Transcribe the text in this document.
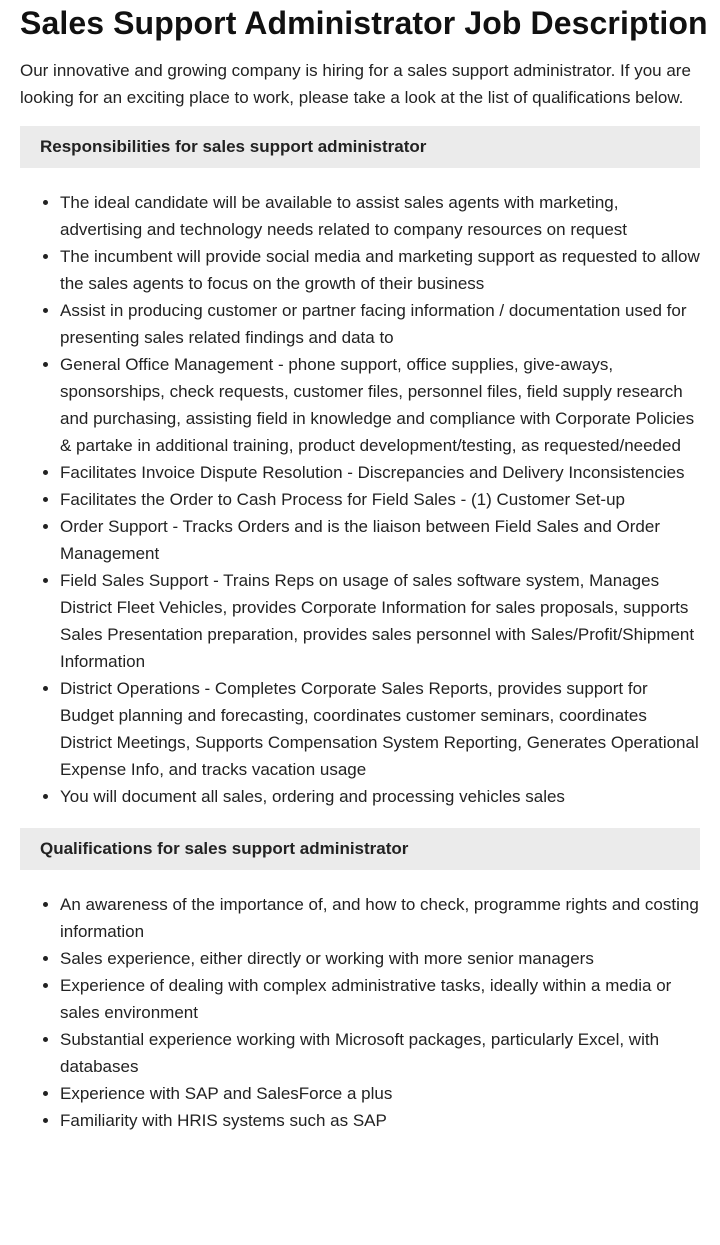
Sales Support Administrator Job Description

Our innovative and growing company is hiring for a sales support administrator. If you are looking for an exciting place to work, please take a look at the list of qualifications below.

Responsibilities for sales support administrator
• The ideal candidate will be available to assist sales agents with marketing, advertising and technology needs related to company resources on request
• The incumbent will provide social media and marketing support as requested to allow the sales agents to focus on the growth of their business
• Assist in producing customer or partner facing information / documentation used for presenting sales related findings and data to
• General Office Management - phone support, office supplies, give-aways, sponsorships, check requests, customer files, personnel files, field supply research and purchasing, assisting field in knowledge and compliance with Corporate Policies & partake in additional training, product development/testing, as requested/needed
• Facilitates Invoice Dispute Resolution - Discrepancies and Delivery Inconsistencies
• Facilitates the Order to Cash Process for Field Sales - (1) Customer Set-up
• Order Support - Tracks Orders and is the liaison between Field Sales and Order Management
• Field Sales Support - Trains Reps on usage of sales software system, Manages District Fleet Vehicles, provides Corporate Information for sales proposals, supports Sales Presentation preparation, provides sales personnel with Sales/Profit/Shipment Information
• District Operations - Completes Corporate Sales Reports, provides support for Budget planning and forecasting, coordinates customer seminars, coordinates District Meetings, Supports Compensation System Reporting, Generates Operational Expense Info, and tracks vacation usage
• You will document all sales, ordering and processing vehicles sales
Qualifications for sales support administrator
• An awareness of the importance of, and how to check, programme rights and costing information
• Sales experience, either directly or working with more senior managers
• Experience of dealing with complex administrative tasks, ideally within a media or sales environment
• Substantial experience working with Microsoft packages, particularly Excel, with databases
• Experience with SAP and SalesForce a plus
• Familiarity with HRIS systems such as SAP
